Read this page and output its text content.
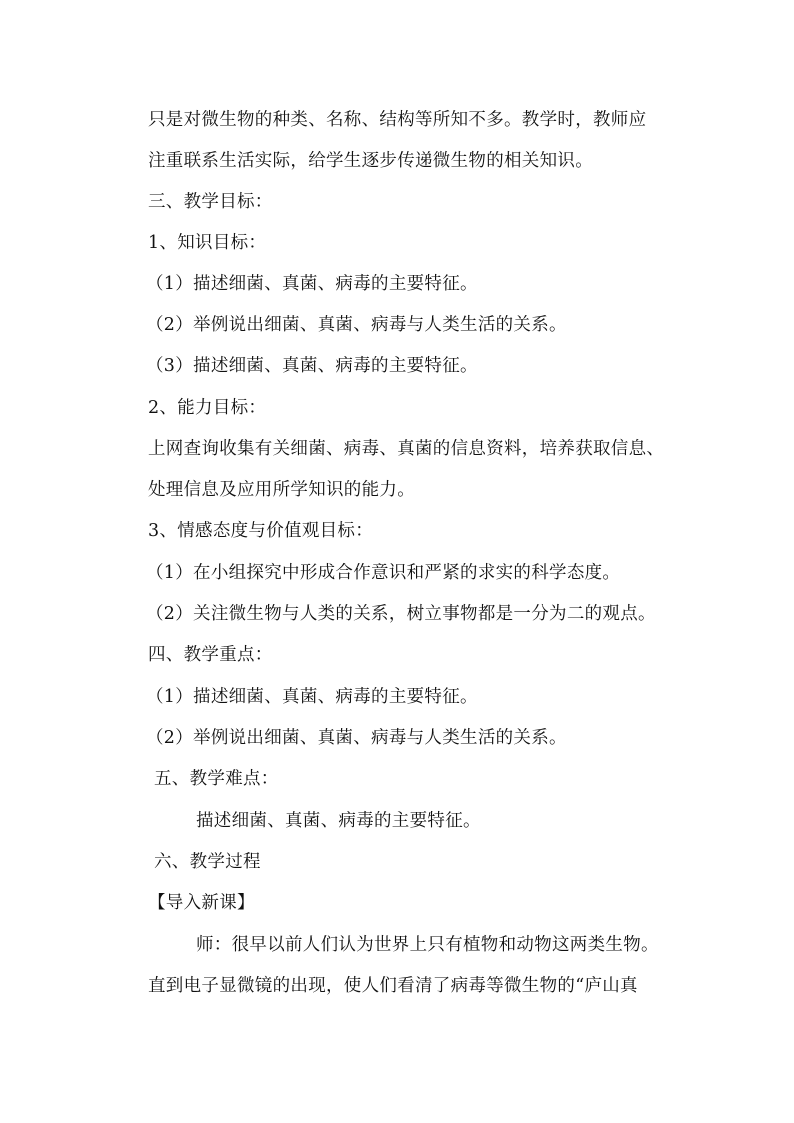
只是对微生物的种类、名称、结构等所知不多。教学时，教师应
注重联系生活实际，给学生逐步传递微生物的相关知识。
三、教学目标：
1、知识目标：
（1）描述细菌、真菌、病毒的主要特征。
（2）举例说出细菌、真菌、病毒与人类生活的关系。
（3）描述细菌、真菌、病毒的主要特征。
2、能力目标：
上网查询收集有关细菌、病毒、真菌的信息资料，培养获取信息、
处理信息及应用所学知识的能力。
3、情感态度与价值观目标：
（1）在小组探究中形成合作意识和严紧的求实的科学态度。
（2）关注微生物与人类的关系，树立事物都是一分为二的观点。
四、教学重点：
（1）描述细菌、真菌、病毒的主要特征。
（2）举例说出细菌、真菌、病毒与人类生活的关系。
五、教学难点：
描述细菌、真菌、病毒的主要特征。
六、教学过程
【导入新课】
师：很早以前人们认为世界上只有植物和动物这两类生物。
直到电子显微镜的出现，使人们看清了病毒等微生物的“庐山真
